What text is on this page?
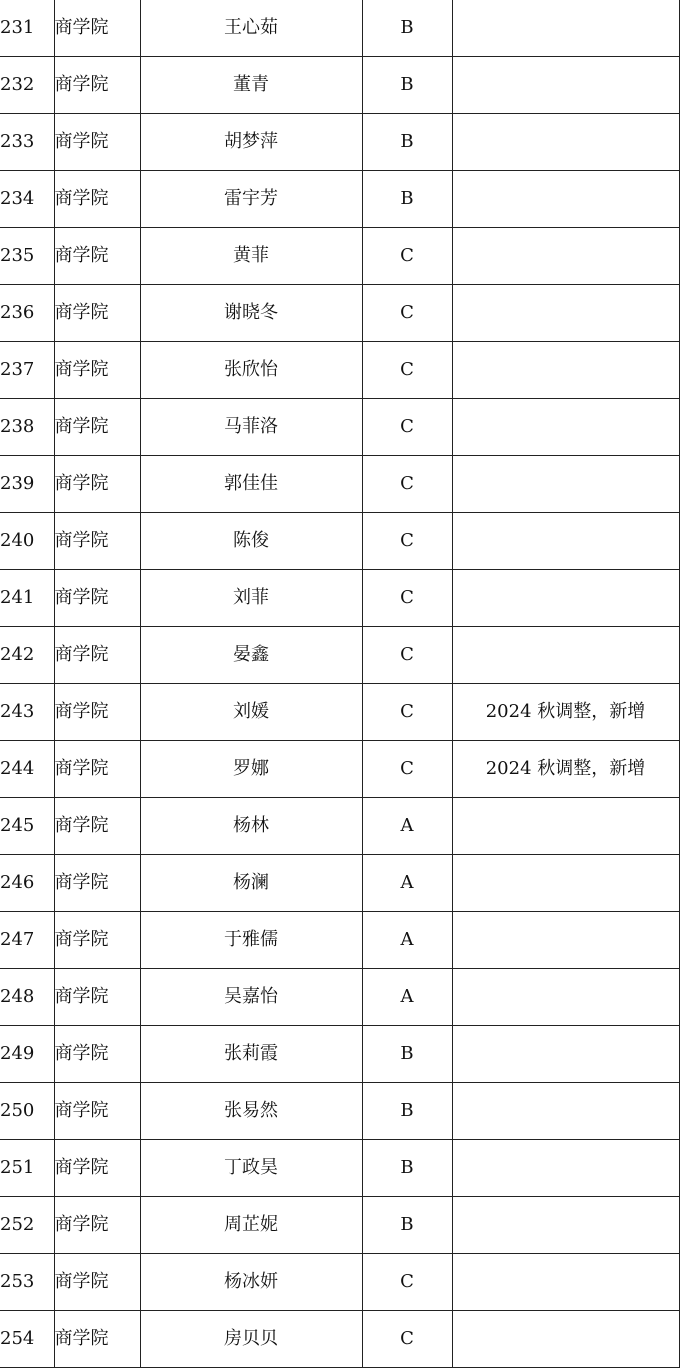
231	商学院	王心茹	B	
232	商学院	董青	B	
233	商学院	胡梦萍	B	
234	商学院	雷宇芳	B	
235	商学院	黄菲	C	
236	商学院	谢晓冬	C	
237	商学院	张欣怡	C	
238	商学院	马菲洛	C	
239	商学院	郭佳佳	C	
240	商学院	陈俊	C	
241	商学院	刘菲	C	
242	商学院	晏鑫	C	
243	商学院	刘媛	C	2024 秋调整，新增
244	商学院	罗娜	C	2024 秋调整，新增
245	商学院	杨林	A	
246	商学院	杨澜	A	
247	商学院	于雅儒	A	
248	商学院	吴嘉怡	A	
249	商学院	张莉霞	B	
250	商学院	张易然	B	
251	商学院	丁政昊	B	
252	商学院	周芷妮	B	
253	商学院	杨冰妍	C	
254	商学院	房贝贝	C	
